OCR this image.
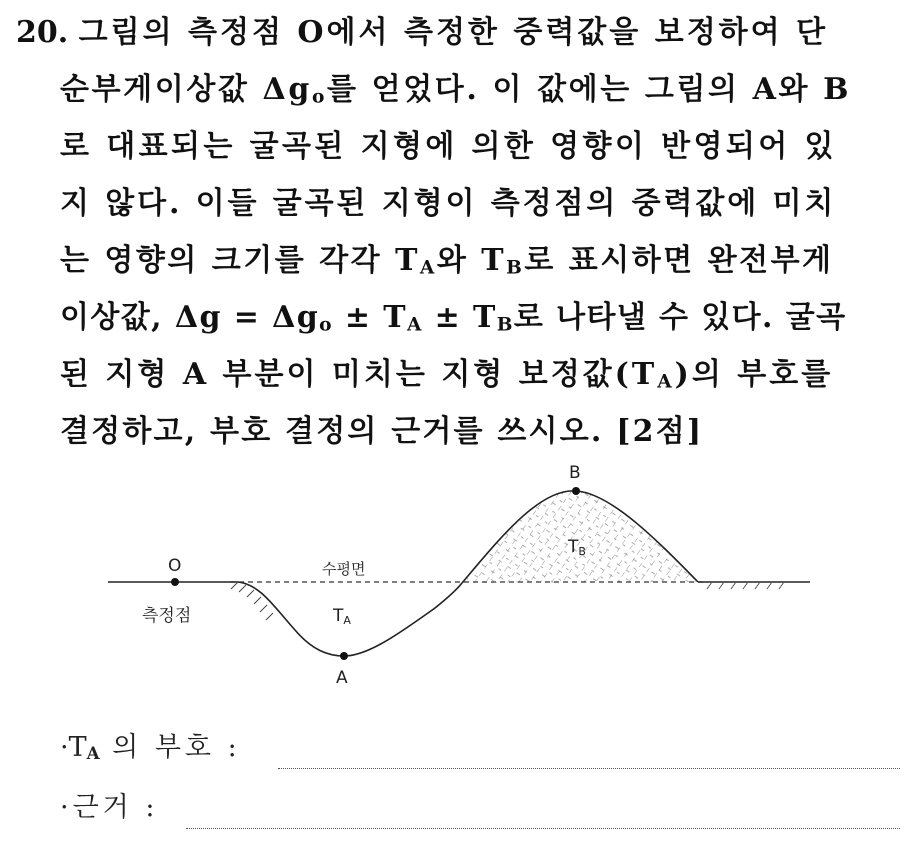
20. 그림의 측정점 O에서 측정한 중력값을 보정하여 단
순부게이상값 $\Delta g_o$를 얻었다. 이 값에는 그림의 A와 B
로 대표되는 굴곡된 지형에 의한 영향이 반영되어 있
지 않다. 이들 굴곡된 지형이 측정점의 중력값에 미치
는 영향의 크기를 각각 $T_A$와 $T_B$로 표시하면 완전부게
이상값, $\Delta g = \Delta g_o \pm T_A \pm T_B$로 나타낼 수 있다. 굴곡
된 지형 A 부분이 미치는 지형 보정값$(T_A)$의 부호를
결정하고, 부호 결정의 근거를 쓰시오. [2점]
O
측정점
수평면
TA
TB
A
B
$\cdot T_A$ 의 부호 :
·근거 :
